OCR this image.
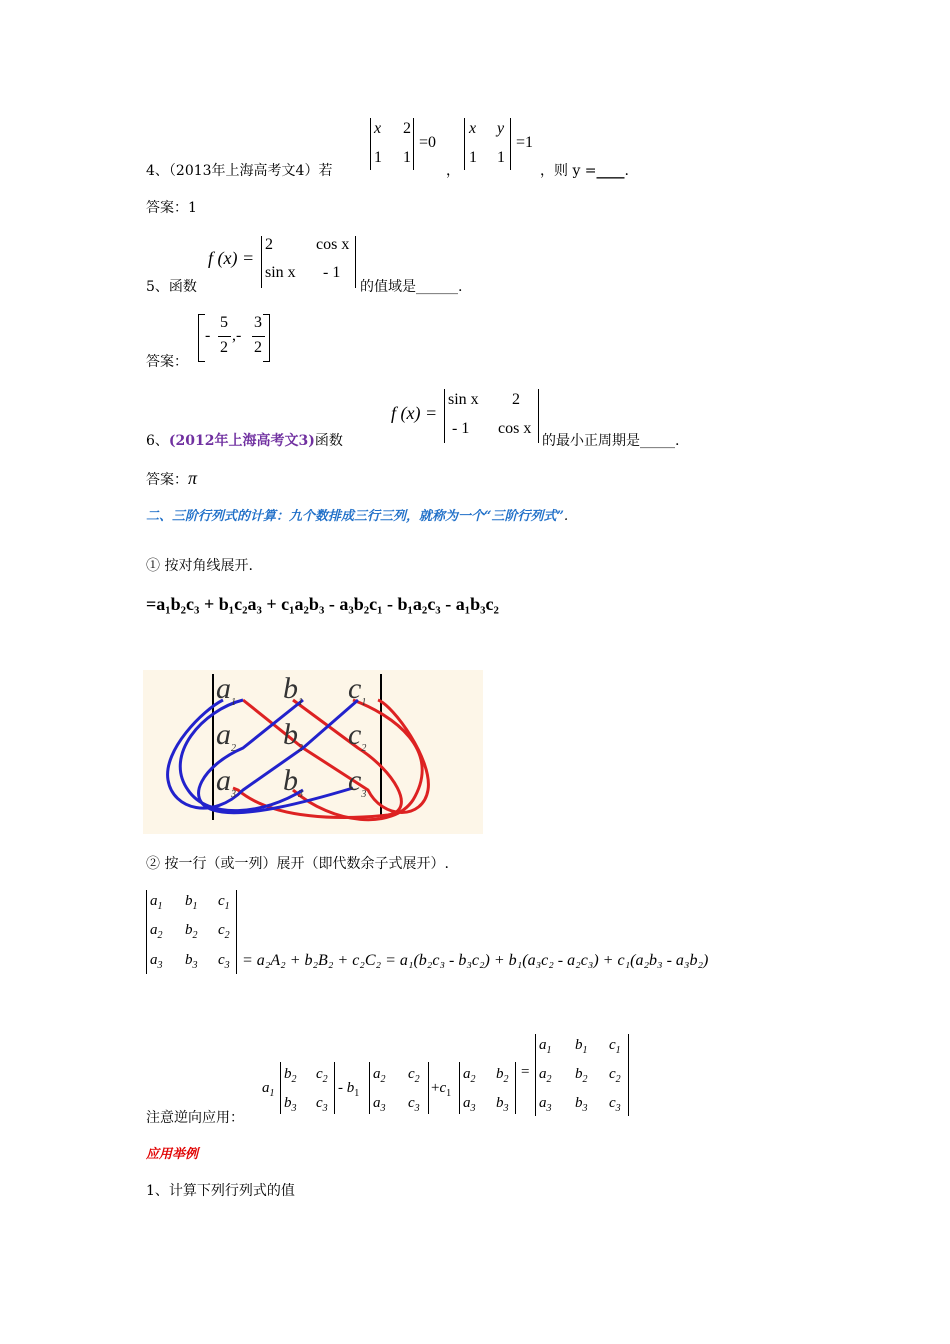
4、（2013年上海高考文4）若
x 2
1 1
=0
，
x y
1 1
=1
，则 y =____.
答案：1
5、函数
f (x) =
2	cos x
sin x - 1
的值域是______.
答案：
-
5
2
,-
3
2
6、(2012年上海高考文3)函数
f (x) =
sin x 2
- 1 cos x
的最小正周期是_____.
答案：π
二、三阶行列式的计算：九个数排成三行三列，就称为一个“三阶行列式”.
① 按对角线展开.
=a₁b₂c₃ + b₁c₂a₃ + c₁a₂b₃ - a₃b₂c₁ - b₁a₂c₃ - a₁b₃c₂
$a_1$ $b_1$ $c_1$
$a_2$ $b_2$ $c_2$
$a_3$ $b_3$ $c_3$
② 按一行（或一列）展开（即代数余子式展开）.
$a_1$ $b_1$ $c_1$
$a_2$ $b_2$ $c_2$
$a_3$ $b_3$ $c_3 = a_2A_2 + b_2B_2 + c_2C_2 = a_1(b_2c_3 - b_3c_2) + b_1(a_3c_2 - a_2c_3) + c_1(a_2b_3 - a_3b_2)$
注意逆向应用：
$a_1$
$b_2$ $c_2$
$b_3$ $c_3$
- $b_1$
$a_2$ $c_2$
$a_3$ $c_3$
$+c_1$
$a_2$ $b_2$
$a_3$ $b_3$
=
$a_1$ $b_1$ $c_1$
$a_2$ $b_2$ $c_2$
$a_3$ $b_3$ $c_3$
应用举例
1、计算下列行列式的值
